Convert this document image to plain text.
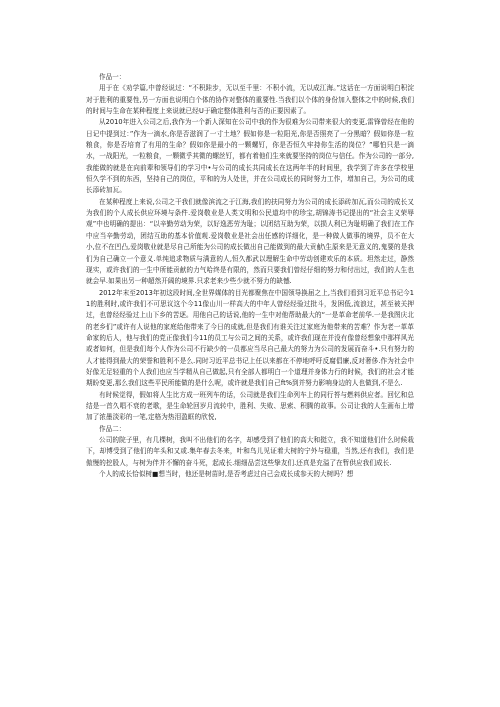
作品一：

用于在《劝学篇,中曾经说过：“不积跬步，无以至千里：不积小流，无以成江海。”这话在一方面说明白积淀对于胜利的重要性,另一方面也说明白个体的协作对整体的重要性.当我们以个体的身份加入整体之中的时候,我们的时间与生命在某种程度上来说就已经U于确定整体胜利与否的正要因素了。

从2010年进入公司之后,我作为一个新人深知在公司中我的作为很难为公司带来很大的变更,雷锋曾经在他的日记中提到过：”作为一滴水,你是否滋润了一寸土地？假如你是一粒阳光,你是否照亮了一分黑暗？假如你是一粒粮食，你是否培育了有用的生命？假如你是最小的一颗螺钉，你是否恒久牢持你生活的岗位？”哪怕只是一滴水，一战阳光，一粒粮食，一颗微乎其微的螺丝钉，都有着他们生来就要坚持的岗位与信任。作为公司的一部分,我能做的就是在向前辈和领导们的学习中•与公司的成长共同成长在这两年半的时间里，我学到了许多在学校里恒久学不到的东西，坚持自己的岗位，平和的为人处世，并在公司成长的同时努力工作，增加自己，为公司的成长添砖加瓦。

在某种程度上来说,公司之干我们就像滨流之于江海,我们的扶同努力为公司的成长添砖加瓦,而公司的成长又为我们的个人成长供应环境与条件.爱岗敬业是人类文明和公民道均中的珍宝,胡锦涛书记提出的“社会主义荣辱观”中也明确的提出：“以辛勤劳动为荣，以好逸恶劳为耻；以团结互助为荣，以损人利已为耻明确了我们在工作中应当辛勤劳动，团结互助的基本价值观.爱岗敬业是社会出任感的详细化，是一种做人做事的境界，员不在大小,位不在凹凸,爱岗敬业就是尽自己所能为公司的成长做出自己能做到的最大贡献\生原来是无意义的,鬼要的是我们为自己确立一个意义.单纯追求物质与满意的人,恒久都武以理解生命中劳动创建欢乐的本质。坦然走过，静然现实，或许我们的一生中所能贡献的力气哈终是有限的，然而只要我们曾经仔细的努力和付出过，我们的人生也就会早.如果出另一种超然开阔的境界.只求老来少些少就不努力的缺憾.

2012年末至2013年初这段时间,全世界媒体的目光都聚焦在中国领导换届之上,当我们看到习近平总书记今11的胜利时,或许我们不可思议这个今11像山川一样高大的中年人曾经经验过批斗，发困低,流浪过，甚至被关押过，也曾经经验过上山下乡的苦逐。用他自己的话说,他的一生中对他帮助最大的“一是革命老前华.一是我图庆北的老乡们”或许有人说他的家庭给他带来了今日的成就,但是我们有谁关注过家庭为他带来的苦难？作为老一革革命家的后人，他与我们的党正像我们今11的员工与公司之间的关系，或许我们现在并没有像曾经想象中那样风光或者如何，但是我们每个人作为公司不行缺少的一员都应当尽自己最大的努力为公司的发展而奋斗•.只有努力的人才能得到最大的荣誉和胜利不是么.同时习近平总书记上任以来都在不停地呼吁反腐倡廉,反对奢侈.作为社会中好像无足轻重的个人我们也应当学精从自己做起,只有全部人都明白一个道理并身体力行的时候，我们的社会才能期盼变更,那么我们这些平民所能做的是什么呢，或许就是我们自己ft%到并努力影响身边的人也做到,不是么.

有时候觉得，假如将人生比方成一班列车的话，公司就是我们生命列车上的同行苔与燃料供应者。回忆和总结是一首久唱不衰的老歌，是生命轮回岁月流转中，胜利、失败、思索、积腾的故事。公司让我的人生画布上增加了浓墨淡彩的一笔,定格为热泪盈眶的欣悦,

作品二：

公司的院子里，有几棵树，我叫不出他们的名字，却感受到了他们的高大和挺立，我不知道他们什么时候栽下，却博受到了他们的年头和又或.集年春去冬来，叶和鸟儿见证着大树的宁外与稳重，当然,还有我们，我们是傲慢的挖股人，与树为伴并不懈的奋斗死，起成长.细细品尝这些挚友们.还真是充溢了在暂供应我们成长.

个人的成长恰似树■想当时，他还是树苗时,是否考虑过自己会成长成参天的大树吗？想
